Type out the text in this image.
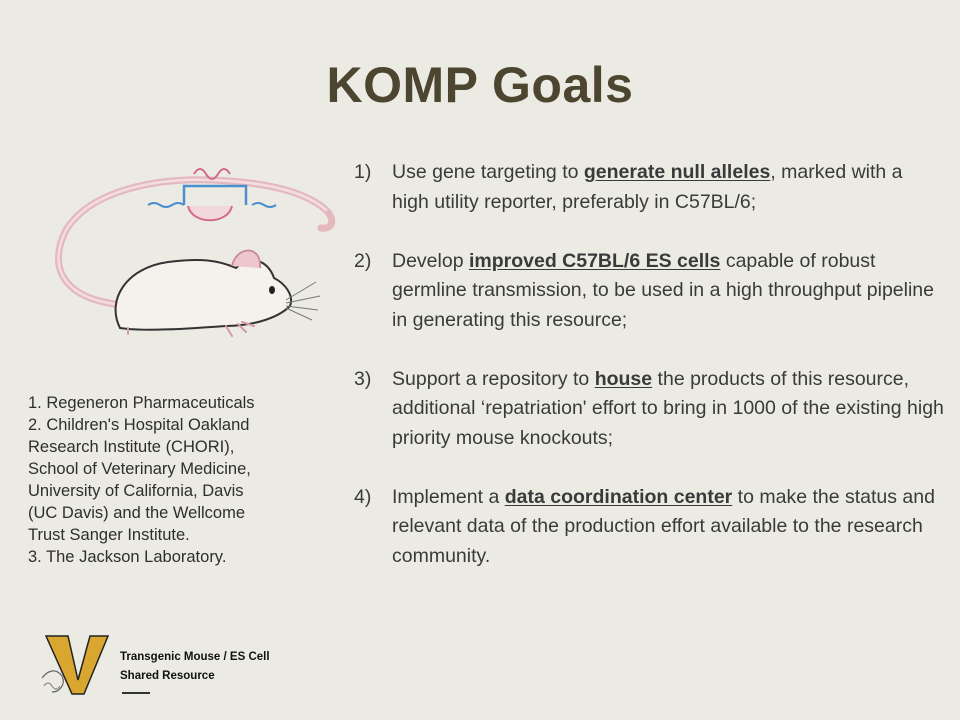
KOMP Goals
1)	Use gene targeting to generate null alleles, marked with a high utility reporter, preferably in C57BL/6;
2)	Develop improved C57BL/6 ES cells capable of robust germline transmission, to be used in a high throughput pipeline in generating this resource;
3)	Support a repository to house the products of this resource, additional ‘repatriation' effort to bring in 1000 of the existing high priority mouse knockouts;
4)	Implement a data coordination center to make the status and relevant data of the production effort available to the research community.
1. Regeneron Pharmaceuticals
2. Children's Hospital Oakland
Research Institute (CHORI),
School of Veterinary Medicine,
University of California, Davis
(UC Davis) and the Wellcome
Trust Sanger Institute.
3. The Jackson Laboratory.
Transgenic Mouse / ES Cell
Shared Resource
